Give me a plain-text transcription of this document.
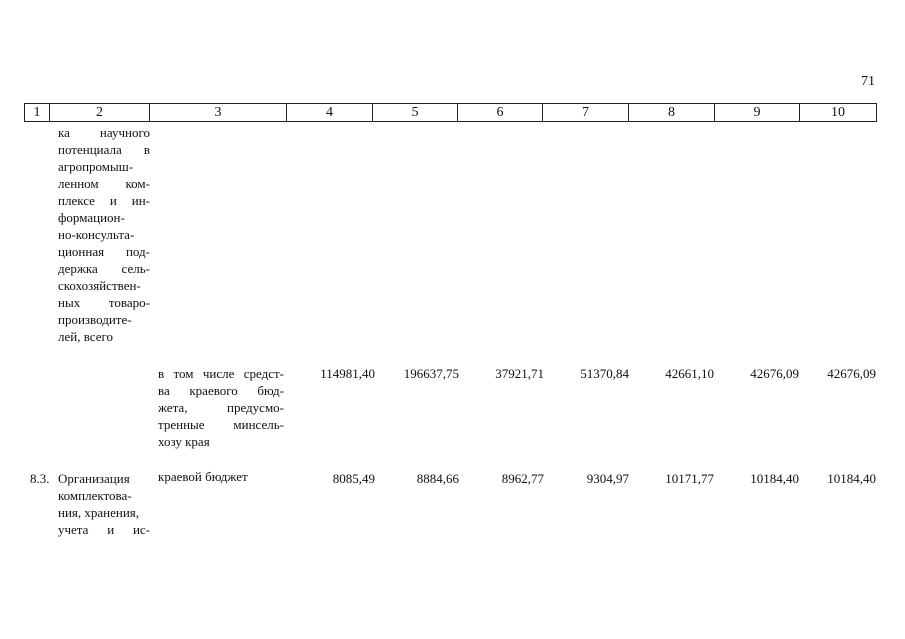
71
1	2	3	4	5	6	7	8	9	10
ка научного
потенциала в
агропромыш-
ленном ком-
плексе и ин-
формацион-
но-консульта-
ционная под-
держка сель-
скохозяйствен-
ных товаро-
производите-
лей, всего
в том числе средст-
ва краевого бюд-
жета, предусмо-
тренные минсель-
хозу края
114981,40	196637,75	37921,71	51370,84	42661,10	42676,09	42676,09
8.3. Организация
комплектова-
ния, хранения,
учета и ис-
краевой бюджет	8085,49	8884,66	8962,77	9304,97	10171,77	10184,40	10184,40
